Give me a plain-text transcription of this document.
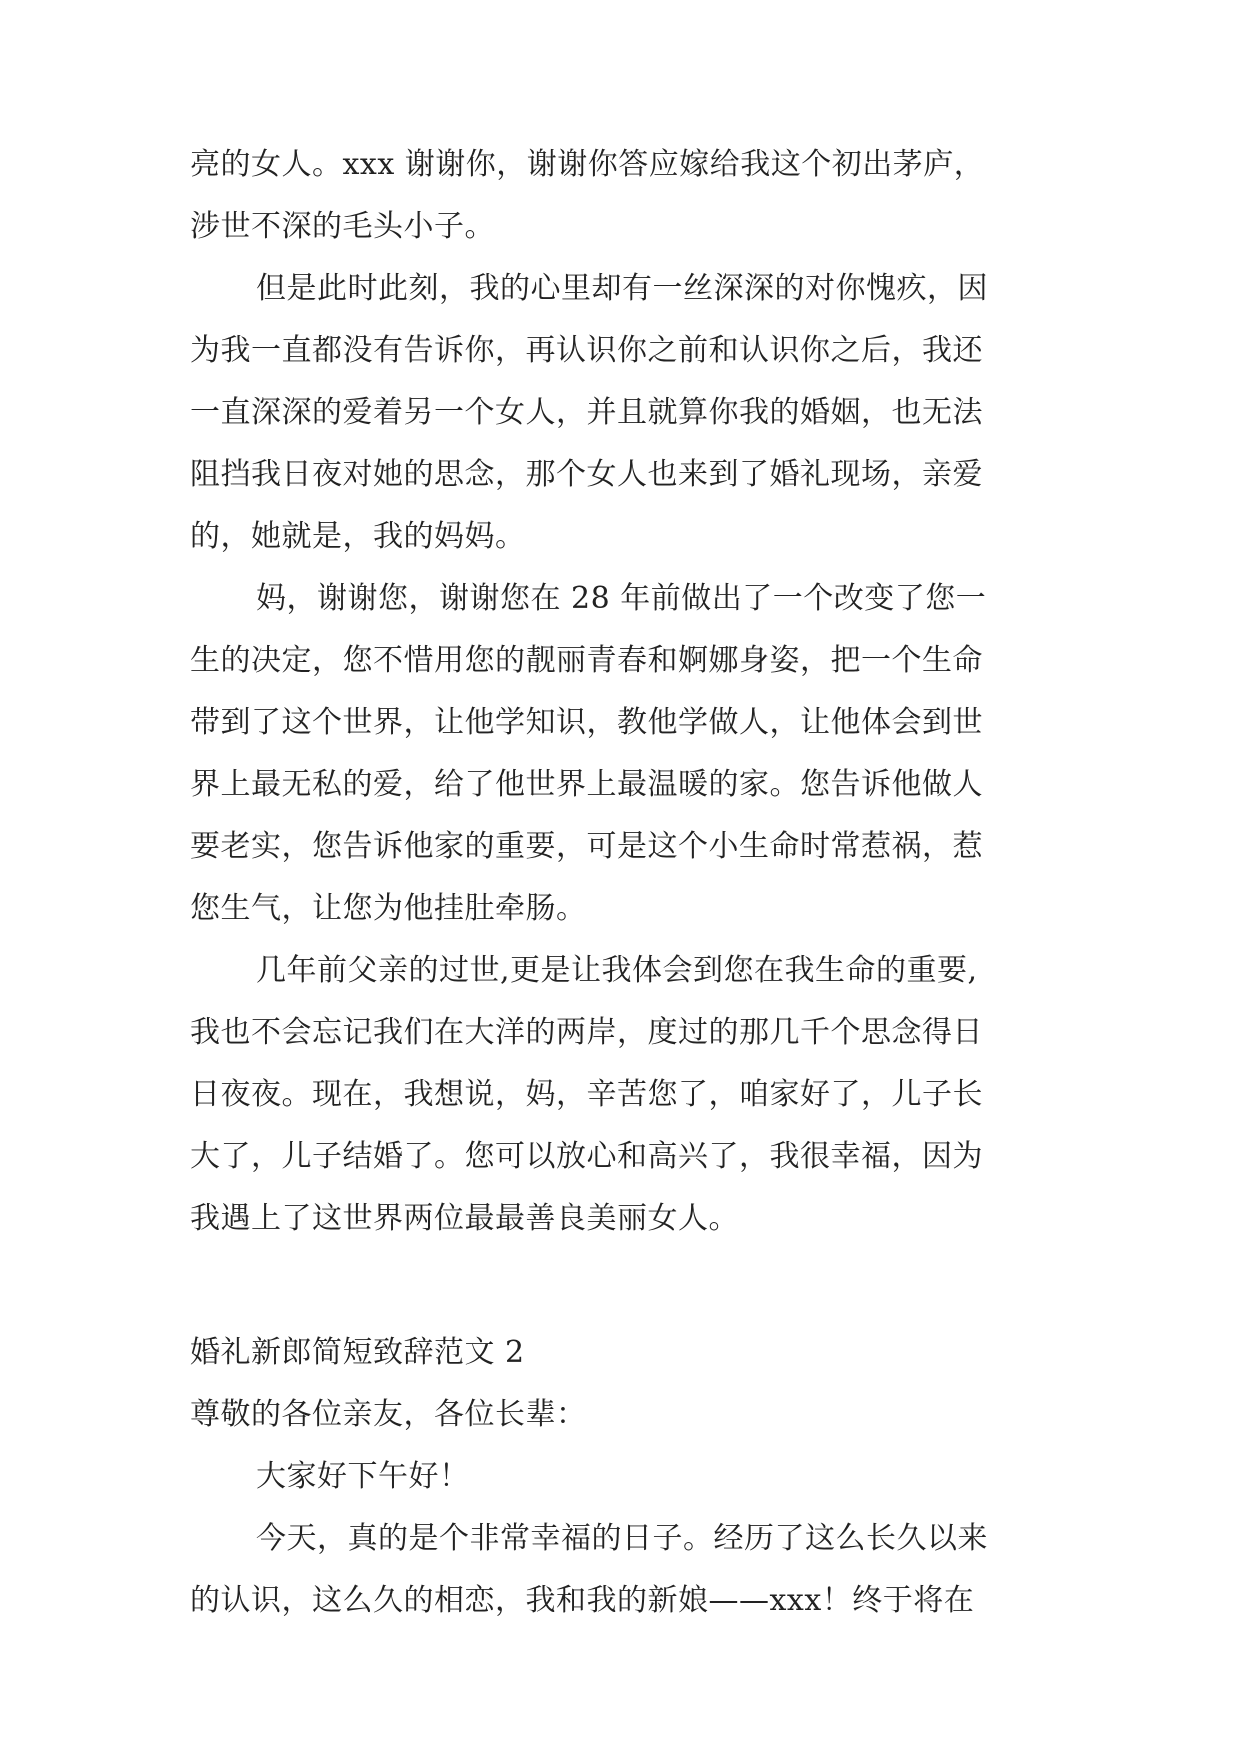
亮的女人。xxx 谢谢你，谢谢你答应嫁给我这个初出茅庐，
涉世不深的毛头小子。
但是此时此刻，我的心里却有一丝深深的对你愧疚，因
为我一直都没有告诉你，再认识你之前和认识你之后，我还
一直深深的爱着另一个女人，并且就算你我的婚姻，也无法
阻挡我日夜对她的思念，那个女人也来到了婚礼现场，亲爱
的，她就是，我的妈妈。
妈，谢谢您，谢谢您在 28 年前做出了一个改变了您一
生的决定，您不惜用您的靓丽青春和婀娜身姿，把一个生命
带到了这个世界，让他学知识，教他学做人，让他体会到世
界上最无私的爱，给了他世界上最温暖的家。您告诉他做人
要老实，您告诉他家的重要，可是这个小生命时常惹祸，惹
您生气，让您为他挂肚牵肠。
几年前父亲的过世,更是让我体会到您在我生命的重要,
我也不会忘记我们在大洋的两岸，度过的那几千个思念得日
日夜夜。现在，我想说，妈，辛苦您了，咱家好了，儿子长
大了，儿子结婚了。您可以放心和高兴了，我很幸福，因为
我遇上了这世界两位最最善良美丽女人。
婚礼新郎简短致辞范文 2
尊敬的各位亲友，各位长辈：
大家好下午好！
今天，真的是个非常幸福的日子。经历了这么长久以来
的认识，这么久的相恋，我和我的新娘——xxx！终于将在
